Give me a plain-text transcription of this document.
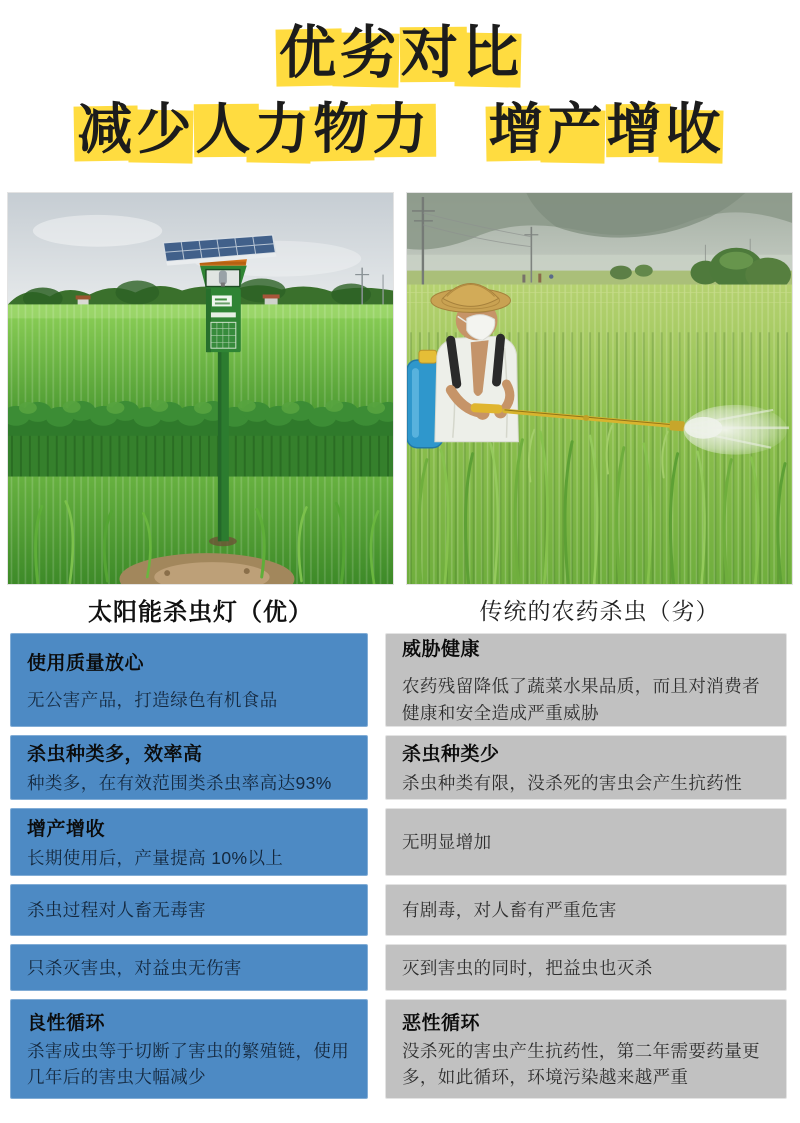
优
劣
对
比
减
少
人
力
物
力　 增
产
增
收
太阳能杀虫灯（优）	传统的农药杀虫（劣）
使用质量放心
无公害产品，打造绿色有机食品
杀虫种类多，效率高
种类多，在有效范围类杀虫率高达93%
增产增收
长期使用后，产量提高 10%以上
杀虫过程对人畜无毒害
只杀灭害虫，对益虫无伤害
良性循环
杀害成虫等于切断了害虫的繁殖链，使用几年后的害虫大幅减少
威胁健康
农药残留降低了蔬菜水果品质，而且对消费者健康和安全造成严重威胁
杀虫种类少
杀虫种类有限，没杀死的害虫会产生抗药性
无明显增加
有剧毒，对人畜有严重危害
灭到害虫的同时，把益虫也灭杀
恶性循环
没杀死的害虫产生抗药性，第二年需要药量更多，如此循环，环境污染越来越严重
